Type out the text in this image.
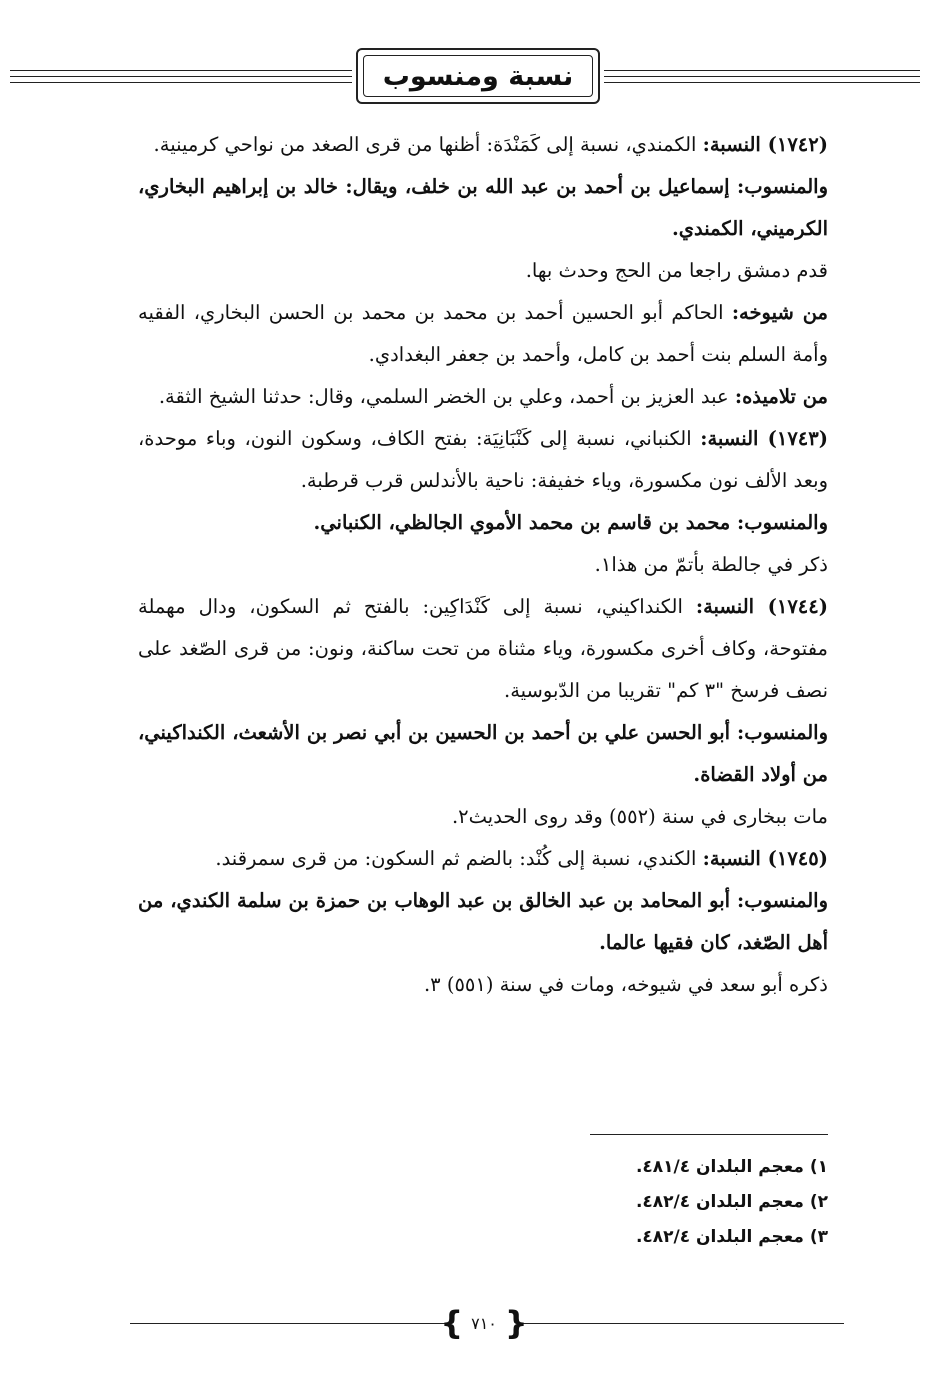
نسبة ومنسوب

(١٧٤٢) النسبة: الكمندي، نسبة إلى كَمَنْدَة: أظنها من قرى الصغد من نواحي كرمينية.

والمنسوب: إسماعيل بن أحمد بن عبد الله بن خلف، ويقال: خالد بن إبراهيم البخاري، الكرميني، الكمندي.

قدم دمشق راجعا من الحج وحدث بها.

من شيوخه: الحاكم أبو الحسين أحمد بن محمد بن محمد بن الحسن البخاري، الفقيه وأمة السلم بنت أحمد بن كامل، وأحمد بن جعفر البغدادي.

من تلاميذه: عبد العزيز بن أحمد، وعلي بن الخضر السلمي، وقال: حدثنا الشيخ الثقة.

(١٧٤٣) النسبة: الكنباني، نسبة إلى كَنْبَانِيَة: بفتح الكاف، وسكون النون، وباء موحدة، وبعد الألف نون مكسورة، وياء خفيفة: ناحية بالأندلس قرب قرطبة.

والمنسوب: محمد بن قاسم بن محمد الأموي الجالظي، الكنباني.

ذكر في جالطة بأتمّ من هذا١.

(١٧٤٤) النسبة: الكنداكيني، نسبة إلى كَنْدَاكِين: بالفتح ثم السكون، ودال مهملة مفتوحة، وكاف أخرى مكسورة، وياء مثناة من تحت ساكنة، ونون: من قرى الصّغد على نصف فرسخ "٣ كم" تقريبا من الدّبوسية.

والمنسوب: أبو الحسن علي بن أحمد بن الحسين بن أبي نصر بن الأشعث، الكنداكيني، من أولاد القضاة.

مات ببخارى في سنة (٥٥٢) وقد روى الحديث٢.

(١٧٤٥) النسبة: الكندي، نسبة إلى كُنْد: بالضم ثم السكون: من قرى سمرقند.

والمنسوب: أبو المحامد بن عبد الخالق بن عبد الوهاب بن حمزة بن سلمة الكندي، من أهل الصّغد، كان فقيها عالما.

ذكره أبو سعد في شيوخه، ومات في سنة (٥٥١) ٣.

١) معجم البلدان ٤٨١/٤.
٢) معجم البلدان ٤٨٢/٤.
٣) معجم البلدان ٤٨٢/٤.
{
٧١٠
}
